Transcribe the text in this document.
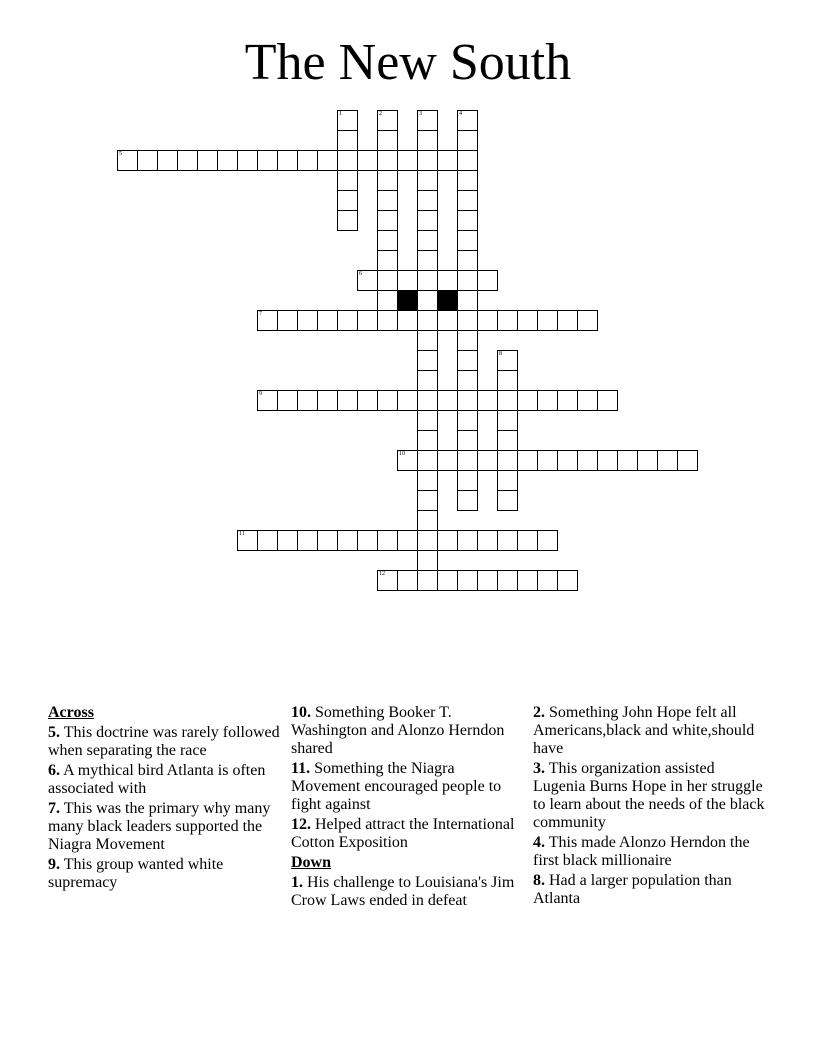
The New South
5
6
7
9
10
11
12
1	2	3	4
8
Across
5. This doctrine was rarely followed when separating the race
6. A mythical bird Atlanta is often associated with
7. This was the primary why many many black leaders supported the Niagra Movement
9. This group wanted white supremacy
10. Something Booker T. Washington and Alonzo Herndon shared
11. Something the Niagra Movement encouraged people to fight against
12. Helped attract the International Cotton Exposition
Down
1. His challenge to Louisiana's Jim Crow Laws ended in defeat
2. Something John Hope felt all Americans,black and white,should have
3. This organization assisted Lugenia Burns Hope in her struggle to learn about the needs of the black community
4. This made Alonzo Herndon the first black millionaire
8. Had a larger population than Atlanta
